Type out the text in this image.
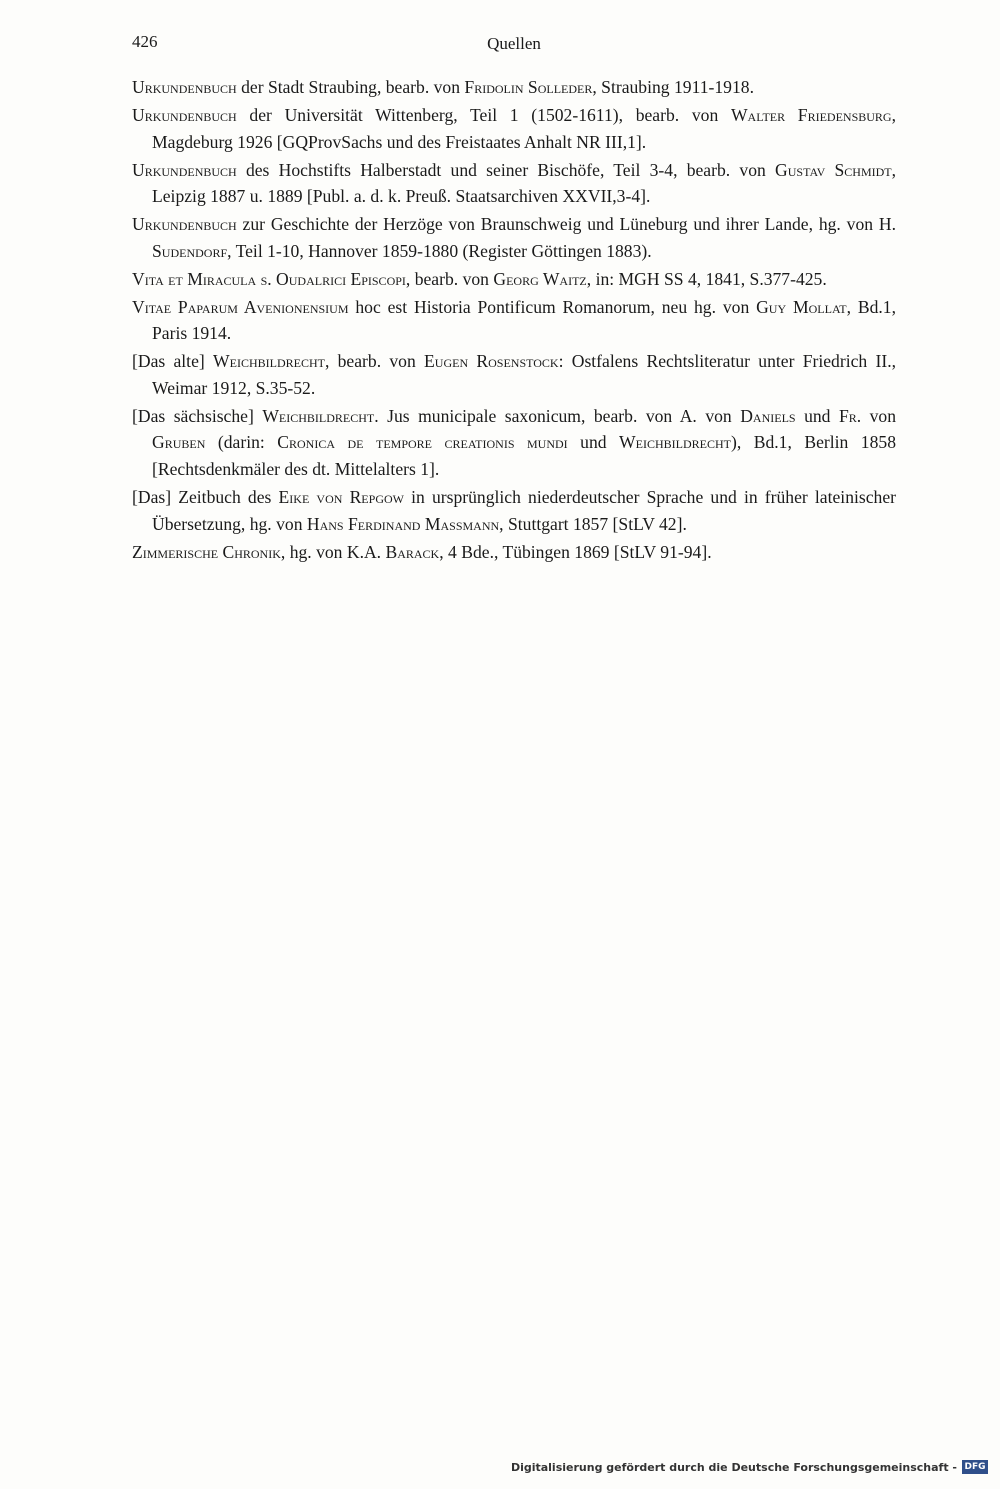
426	Quellen

Urkundenbuch der Stadt Straubing, bearb. von Fridolin Solleder, Straubing 1911-1918.

Urkundenbuch der Universität Wittenberg, Teil 1 (1502-1611), bearb. von Walter Friedensburg, Magdeburg 1926 [GQProvSachs und des Freistaates Anhalt NR III,1].

Urkundenbuch des Hochstifts Halberstadt und seiner Bischöfe, Teil 3-4, bearb. von Gustav Schmidt, Leipzig 1887 u. 1889 [Publ. a. d. k. Preuß. Staatsarchiven XXVII,3-4].

Urkundenbuch zur Geschichte der Herzöge von Braunschweig und Lüneburg und ihrer Lande, hg. von H. Sudendorf, Teil 1-10, Hannover 1859-1880 (Register Göttingen 1883).

Vita et Miracula s. Oudalrici Episcopi, bearb. von Georg Waitz, in: MGH SS 4, 1841, S.377-425.

Vitae Paparum Avenionensium hoc est Historia Pontificum Romanorum, neu hg. von Guy Mollat, Bd.1, Paris 1914.

[Das alte] Weichbildrecht, bearb. von Eugen Rosenstock: Ostfalens Rechtsliteratur unter Friedrich II., Weimar 1912, S.35-52.

[Das sächsische] Weichbildrecht. Jus municipale saxonicum, bearb. von A. von Daniels und Fr. von Gruben (darin: Cronica de tempore creationis mundi und Weichbildrecht), Bd.1, Berlin 1858 [Rechtsdenkmäler des dt. Mittelalters 1].

[Das] Zeitbuch des Eike von Repgow in ursprünglich niederdeutscher Sprache und in früher lateinischer Übersetzung, hg. von Hans Ferdinand Massmann, Stuttgart 1857 [StLV 42].

Zimmerische Chronik, hg. von K.A. Barack, 4 Bde., Tübingen 1869 [StLV 91-94].

Digitalisierung gefördert durch die Deutsche Forschungsgemeinschaft - DFG
